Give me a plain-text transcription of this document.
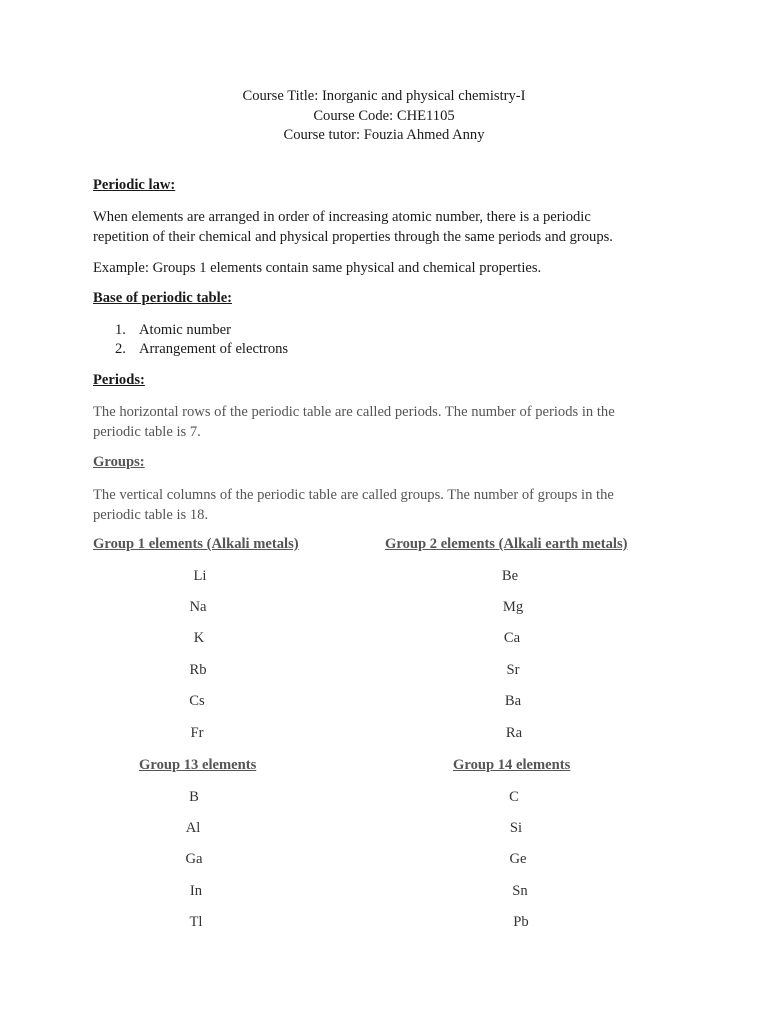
Course Title: Inorganic and physical chemistry-I
Course Code: CHE1105
Course tutor: Fouzia Ahmed Anny
Periodic law:
When elements are arranged in order of increasing atomic number, there is a periodic
repetition of their chemical and physical properties through the same periods and groups.
Example: Groups 1 elements contain same physical and chemical properties.
Base of periodic table:
1. Atomic number
2. Arrangement of electrons
Periods:
The horizontal rows of the periodic table are called periods. The number of periods in the
periodic table is 7.
Groups:
The vertical columns of the periodic table are called groups. The number of groups in the
periodic table is 18.
Group 1 elements (Alkali metals)	Group 2 elements (Alkali earth metals)
Li
Na
K
Rb
Cs
Fr
Be
Mg
Ca
Sr
Ba
Ra
Group 13 elements	Group 14 elements
B
Al
Ga
In
Tl
C
Si
Ge
Sn
Pb
